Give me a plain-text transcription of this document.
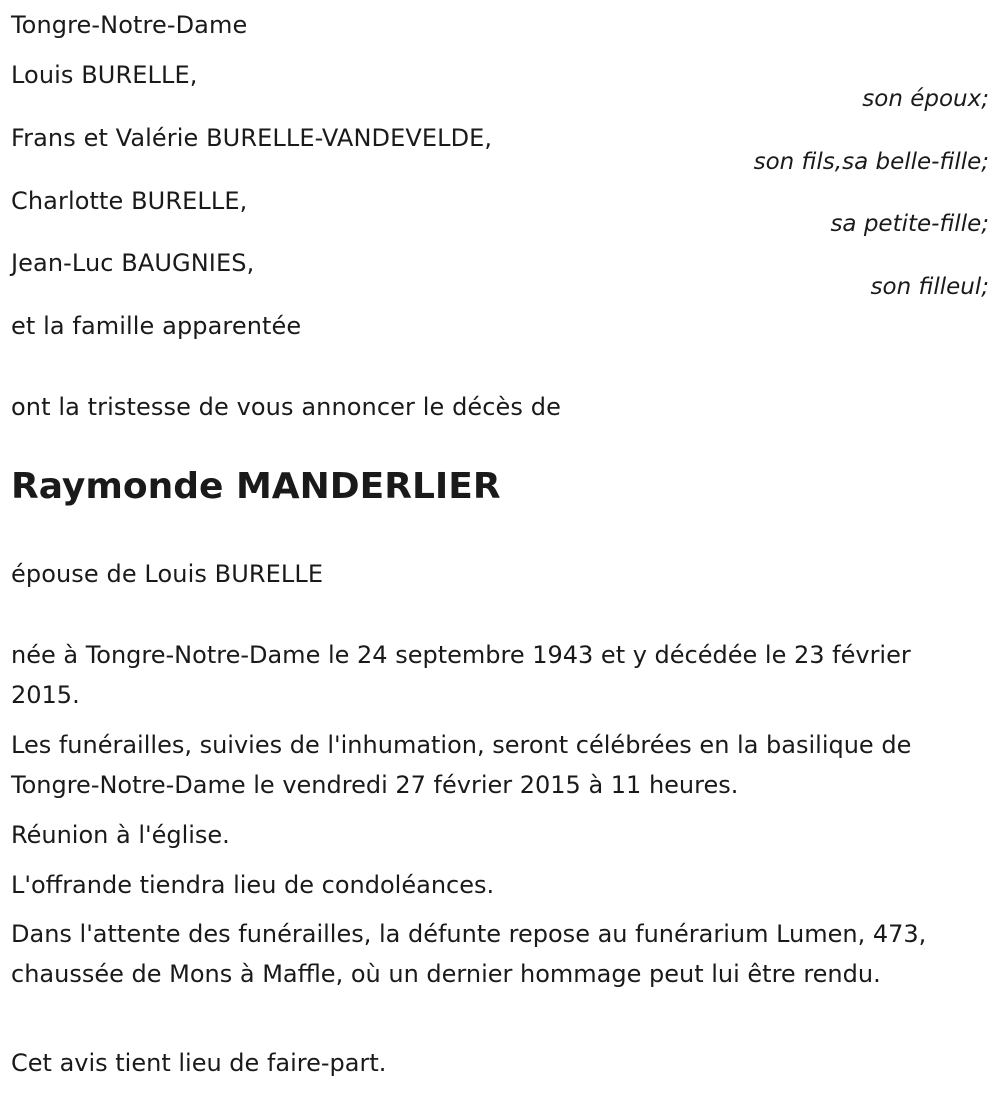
Tongre-Notre-Dame
Louis BURELLE,
son époux;
Frans et Valérie BURELLE-VANDEVELDE,
son fils,sa belle-fille;
Charlotte BURELLE,
sa petite-fille;
Jean-Luc BAUGNIES,
son filleul;
et la famille apparentée
ont la tristesse de vous annoncer le décès de
Raymonde MANDERLIER
épouse de Louis BURELLE
née à Tongre-Notre-Dame le 24 septembre 1943 et y décédée le 23 février 2015.
Les funérailles, suivies de l'inhumation, seront célébrées en la basilique de Tongre-Notre-Dame le vendredi 27 février 2015 à 11 heures.
Réunion à l'église.
L'offrande tiendra lieu de condoléances.
Dans l'attente des funérailles, la défunte repose au funérarium Lumen, 473, chaussée de Mons à Maffle, où un dernier hommage peut lui être rendu.
Cet avis tient lieu de faire-part.
